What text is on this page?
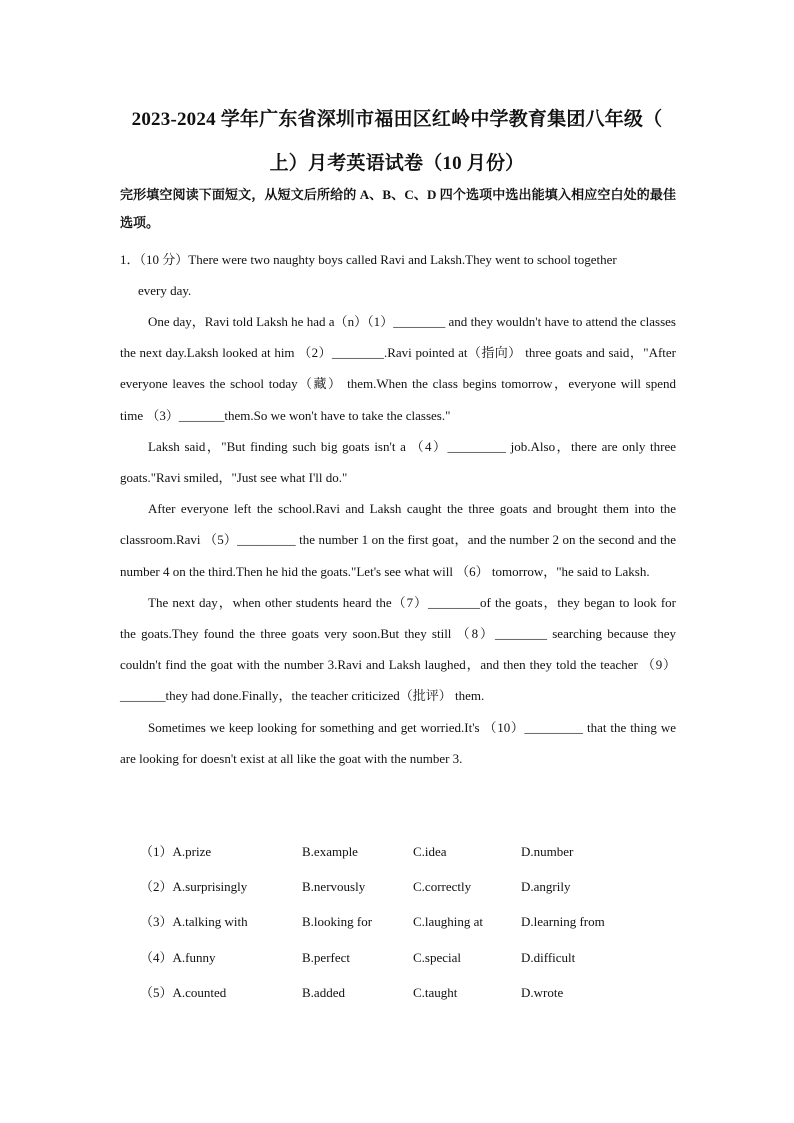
2023-2024 学年广东省深圳市福田区红岭中学教育集团八年级（
上）月考英语试卷（10 月份）
完形填空阅读下面短文，从短文后所给的 A、B、C、D 四个选项中选出能填入相应空白处的最佳选项。
1．（10 分）There were two naughty boys called Ravi and Laksh.They went to school together
every day.

One day，Ravi told Laksh he had a（n）（1）________ and they wouldn't have to attend the classes the next day.Laksh looked at him （2）________.Ravi pointed at（指向） three goats and said，"After everyone leaves the school today（藏） them.When the class begins tomorrow，everyone will spend time （3）_______them.So we won't have to take the classes."

Laksh said，"But finding such big goats isn't a （4）_________ job.Also，there are only three goats."Ravi smiled，"Just see what I'll do."

After everyone left the school.Ravi and Laksh caught the three goats and brought them into the classroom.Ravi （5）_________ the number 1 on the first goat，and the number 2 on the second and the number 4 on the third.Then he hid the goats."Let's see what will （6） tomorrow，"he said to Laksh.

The next day，when other students heard the（7）________of the goats，they began to look for the goats.They found the three goats very soon.But they still （8）________ searching because they couldn't find the goat with the number 3.Ravi and Laksh laughed，and then they told the teacher （9）_______they had done.Finally，the teacher criticized（批评） them.

Sometimes we keep looking for something and get worried.It's （10）_________ that the thing we are looking for doesn't exist at all like the goat with the number 3.

（1）A.prize	B.example	C.idea	D.number
（2）A.surprisingly	B.nervously	C.correctly	D.angrily
（3）A.talking with	B.looking for	C.laughing at	D.learning from
（4）A.funny	B.perfect	C.special	D.difficult
（5）A.counted	B.added	C.taught	D.wrote
